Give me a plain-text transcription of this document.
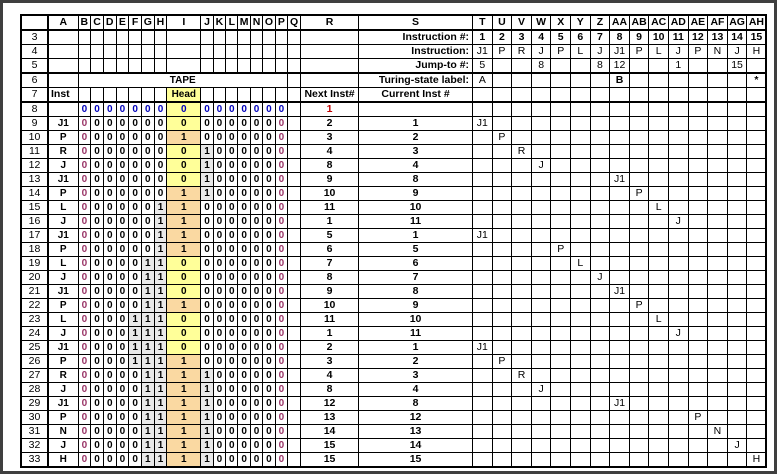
	A	B	C	D	E	F	G	H	I	J	K	L	M	N	O	P	Q	R	S	T	U	V	W	X	Y	Z	AA	AB	AC	AD	AE	AF	AG	AH
3																			Instruction #:	1	2	3	4	5	6	7	8	9	10	11	12	13	14	15
4																			Instruction:	J1	P	R	J	P	L	J	J1	P	L	J	P	N	J	H
5																			Jump-to #:	5			8			8	12			1			15	
6		TAPE																	Turing-state label:	A							B							*
7	Inst								Head									Next Inst#	Current Inst #															
8		0	0	0	0	0	0	0	0	0	0	0	0	0	0	0		1																
9	J1	0	0	0	0	0	0	0	0	0	0	0	0	0	0	0		2	1	J1														
10	P	0	0	0	0	0	0	0	1	0	0	0	0	0	0	0		3	2		P													
11	R	0	0	0	0	0	0	0	0	1	0	0	0	0	0	0		4	3			R												
12	J	0	0	0	0	0	0	0	0	1	0	0	0	0	0	0		8	4				J											
13	J1	0	0	0	0	0	0	0	0	1	0	0	0	0	0	0		9	8								J1							
14	P	0	0	0	0	0	0	0	1	1	0	0	0	0	0	0		10	9									P						
15	L	0	0	0	0	0	0	1	1	0	0	0	0	0	0	0		11	10										L					
16	J	0	0	0	0	0	0	1	1	0	0	0	0	0	0	0		1	11											J				
17	J1	0	0	0	0	0	0	1	1	0	0	0	0	0	0	0		5	1	J1														
18	P	0	0	0	0	0	0	1	1	0	0	0	0	0	0	0		6	5					P										
19	L	0	0	0	0	0	1	1	0	0	0	0	0	0	0	0		7	6						L									
20	J	0	0	0	0	0	1	1	0	0	0	0	0	0	0	0		8	7							J								
21	J1	0	0	0	0	0	1	1	0	0	0	0	0	0	0	0		9	8								J1							
22	P	0	0	0	0	0	1	1	1	0	0	0	0	0	0	0		10	9									P						
23	L	0	0	0	0	1	1	1	0	0	0	0	0	0	0	0		11	10										L					
24	J	0	0	0	0	1	1	1	0	0	0	0	0	0	0	0		1	11											J				
25	J1	0	0	0	0	1	1	1	0	0	0	0	0	0	0	0		2	1	J1														
26	P	0	0	0	0	1	1	1	1	0	0	0	0	0	0	0		3	2		P													
27	R	0	0	0	0	0	1	1	1	1	0	0	0	0	0	0		4	3			R												
28	J	0	0	0	0	0	1	1	1	1	0	0	0	0	0	0		8	4				J											
29	J1	0	0	0	0	0	1	1	1	1	0	0	0	0	0	0		12	8								J1							
30	P	0	0	0	0	0	1	1	1	1	0	0	0	0	0	0		13	12												P			
31	N	0	0	0	0	0	1	1	1	1	0	0	0	0	0	0		14	13													N		
32	J	0	0	0	0	0	1	1	1	1	0	0	0	0	0	0		15	14														J	
33	H	0	0	0	0	0	1	1	1	1	0	0	0	0	0	0		15	15															H
